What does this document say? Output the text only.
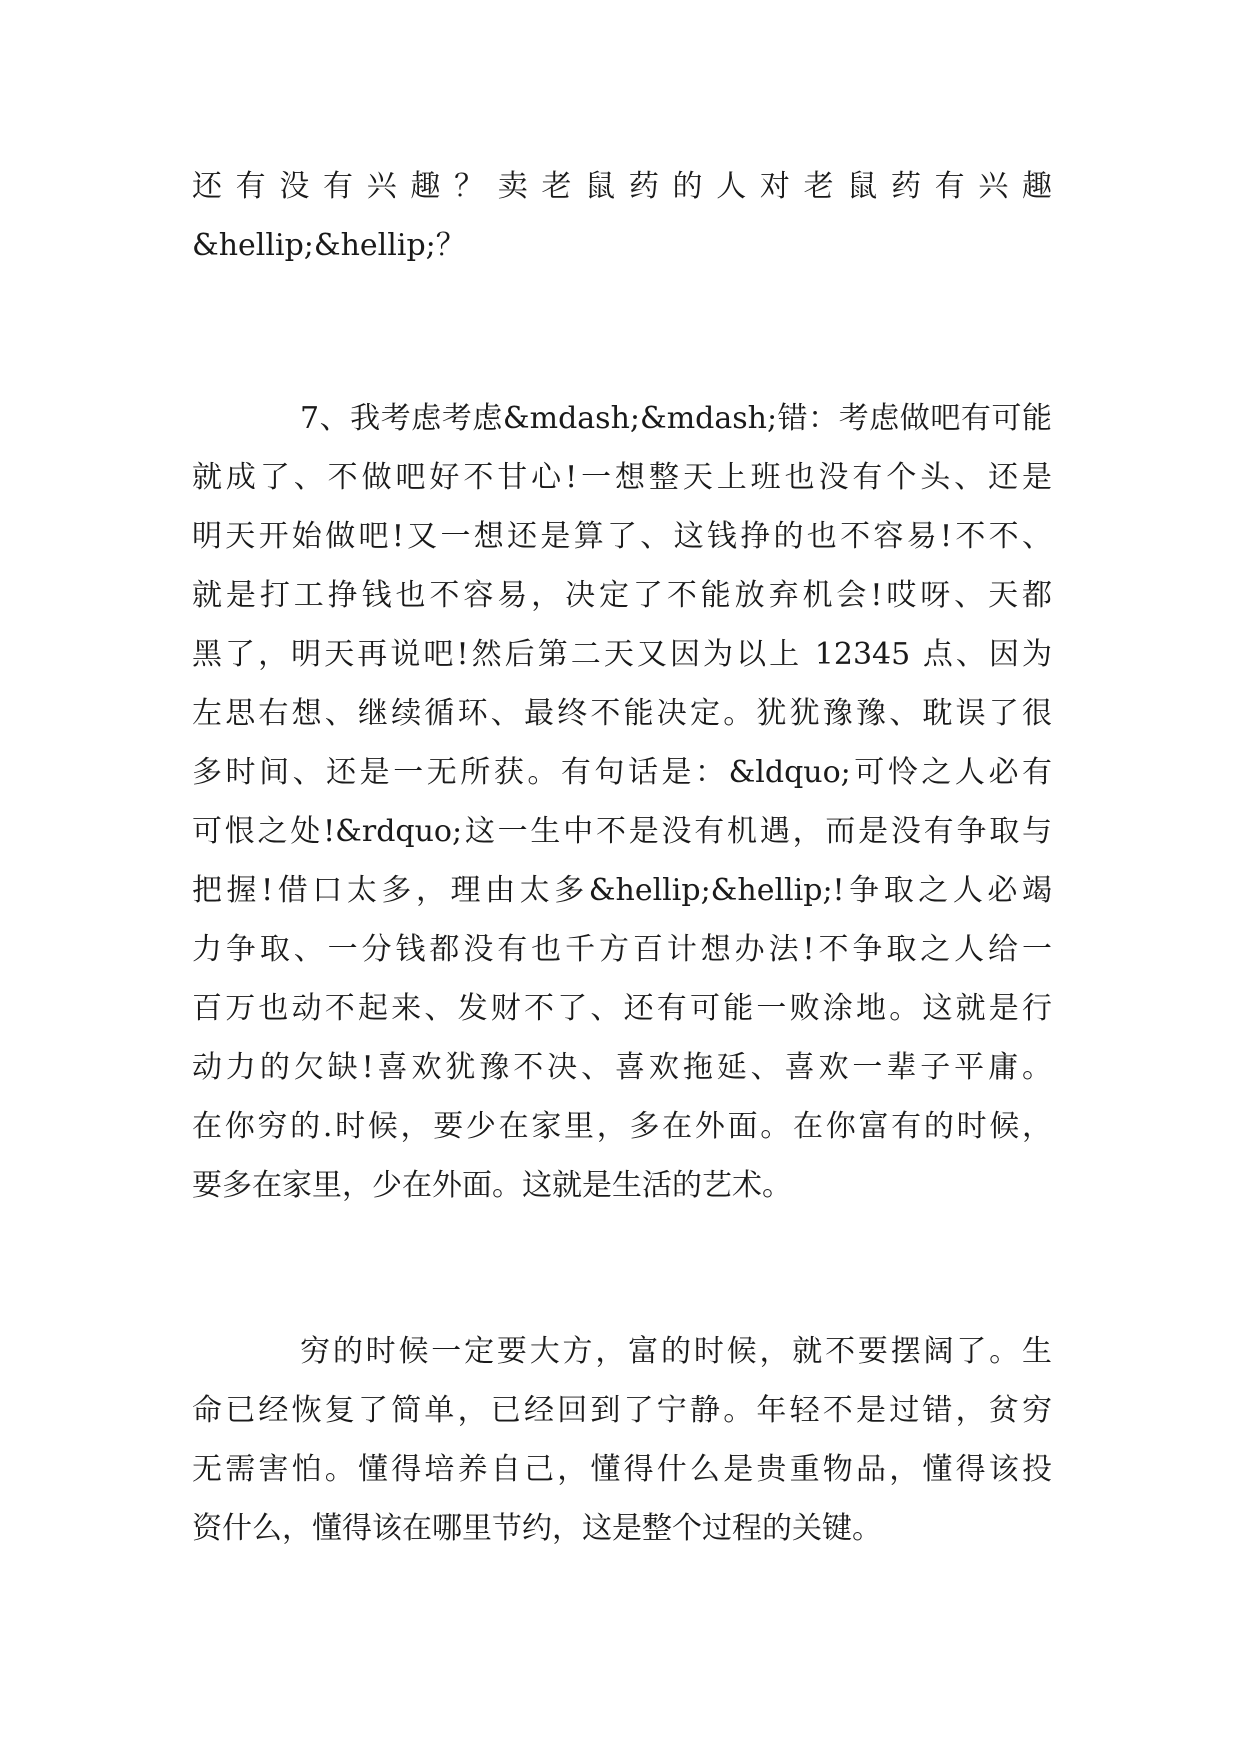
还有没有兴趣？卖老鼠药的人对老鼠药有兴趣
&hellip;&hellip;？
7、我考虑考虑&mdash;&mdash;错：考虑做吧有可能
就成了、不做吧好不甘心!一想整天上班也没有个头、还是
明天开始做吧!又一想还是算了、这钱挣的也不容易!不不、
就是打工挣钱也不容易，决定了不能放弃机会!哎呀、天都
黑了，明天再说吧!然后第二天又因为以上 12345 点、因为
左思右想、继续循环、最终不能决定。犹犹豫豫、耽误了很
多时间、还是一无所获。有句话是：&ldquo;可怜之人必有
可恨之处!&rdquo;这一生中不是没有机遇，而是没有争取与
把握!借口太多，理由太多&hellip;&hellip;!争取之人必竭
力争取、一分钱都没有也千方百计想办法!不争取之人给一
百万也动不起来、发财不了、还有可能一败涂地。这就是行
动力的欠缺!喜欢犹豫不决、喜欢拖延、喜欢一辈子平庸。
在你穷的.时候，要少在家里，多在外面。在你富有的时候，
要多在家里，少在外面。这就是生活的艺术。
穷的时候一定要大方，富的时候，就不要摆阔了。生
命已经恢复了简单，已经回到了宁静。年轻不是过错，贫穷
无需害怕。懂得培养自己，懂得什么是贵重物品，懂得该投
资什么，懂得该在哪里节约，这是整个过程的关键。
